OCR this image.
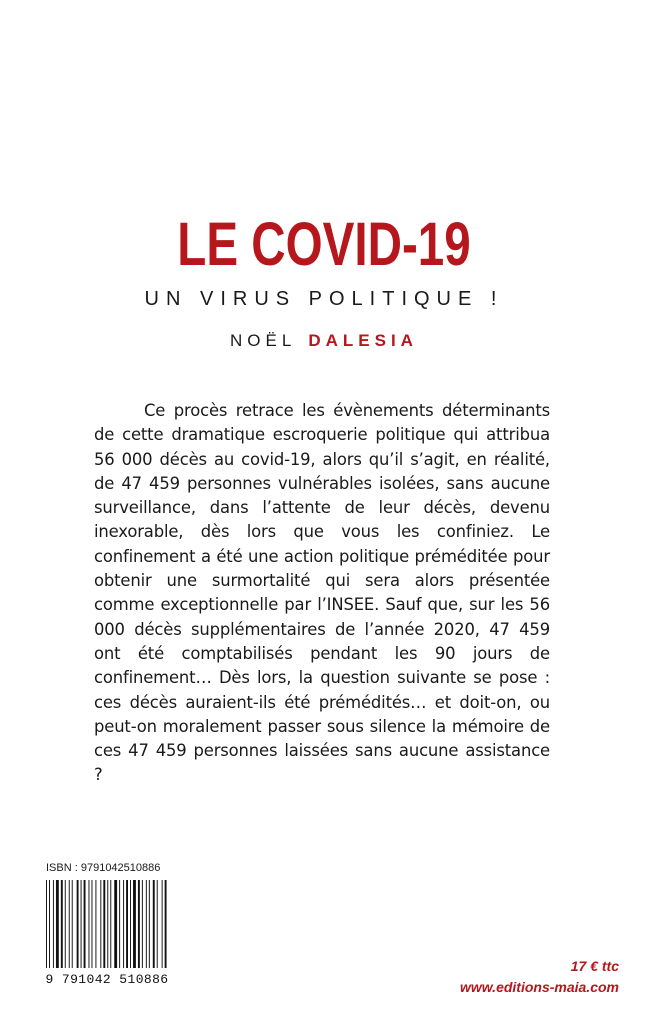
LE COVID-19
UN VIRUS POLITIQUE !
NOËL DALESIA

Ce procès retrace les évènements déterminants de cette dramatique escroquerie politique qui attribua 56 000 décès au covid-19, alors qu’il s’agit, en réalité, de 47 459 personnes vulnérables isolées, sans aucune surveillance, dans l’attente de leur décès, devenu inexorable, dès lors que vous les confiniez. Le confinement a été une action politique préméditée pour obtenir une surmortalité qui sera alors présentée comme exceptionnelle par l’INSEE. Sauf que, sur les 56 000 décès supplémentaires de l’année 2020, 47 459 ont été comptabilisés pendant les 90 jours de confinement… Dès lors, la question suivante se pose : ces décès auraient-ils été prémédités… et doit-on, ou peut-on moralement passer sous silence la mémoire de ces 47 459 personnes laissées sans aucune assistance ?

ISBN : 9791042510886
9 791042 510886
17 € ttc
www.editions-maia.com
